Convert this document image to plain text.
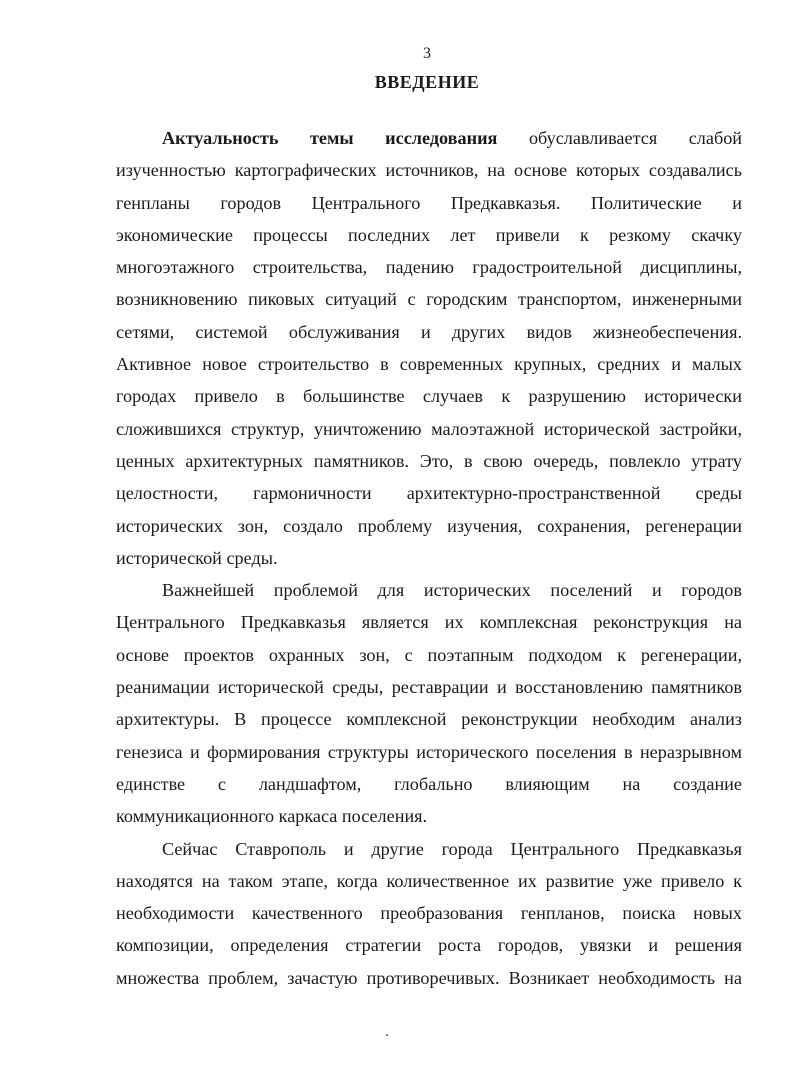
3
ВВЕДЕНИЕ
Актуальность темы исследования обуславливается слабой
изученностью картографических источников, на основе которых создавались
генпланы городов Центрального Предкавказья. Политические и
экономические процессы последних лет привели к резкому скачку
многоэтажного строительства, падению градостроительной дисциплины,
возникновению пиковых ситуаций с городским транспортом, инженерными
сетями, системой обслуживания и других видов жизнеобеспечения.
Активное новое строительство в современных крупных, средних и малых
городах привело в большинстве случаев к разрушению исторически
сложившихся структур, уничтожению малоэтажной исторической застройки,
ценных архитектурных памятников. Это, в свою очередь, повлекло утрату
целостности, гармоничности архитектурно-пространственной среды
исторических зон, создало проблему изучения, сохранения, регенерации
исторической среды.
Важнейшей проблемой для исторических поселений и городов
Центрального Предкавказья является их комплексная реконструкция на
основе проектов охранных зон, с поэтапным подходом к регенерации,
реанимации исторической среды, реставрации и восстановлению памятников
архитектуры. В процессе комплексной реконструкции необходим анализ
генезиса и формирования структуры исторического поселения в неразрывном
единстве с ландшафтом, глобально влияющим на создание
коммуникационного каркаса поселения.
Сейчас Ставрополь и другие города Центрального Предкавказья
находятся на таком этапе, когда количественное их развитие уже привело к
необходимости качественного преобразования генпланов, поиска новых
композиции, определения стратегии роста городов, увязки и решения
множества проблем, зачастую противоречивых. Возникает необходимость на
